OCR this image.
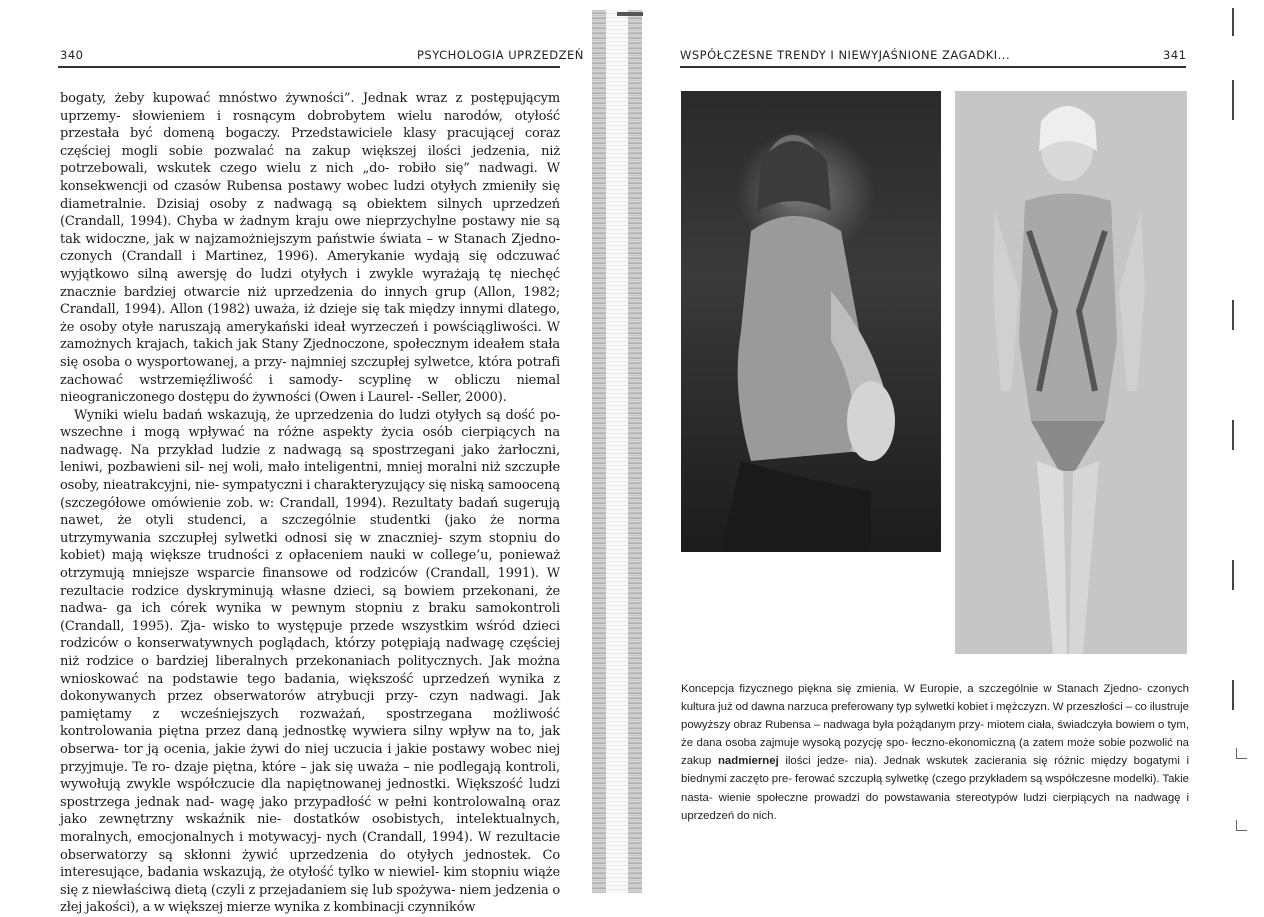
340	PSYCHOLOGIA UPRZEDZEŃ

bogaty, żeby kupować mnóstwo żywności”. Jednak wraz z postępującym uprzemy- słowieniem i rosnącym dobrobytem wielu narodów, otyłość przestała być domeną bogaczy. Przedstawiciele klasy pracującej coraz częściej mogli sobie pozwalać na zakup większej ilości jedzenia, niż potrzebowali, wskutek czego wielu z nich „do- robiło się” nadwagi. W konsekwencji od czasów Rubensa postawy wobec ludzi otyłych zmieniły się diametralnie. Dzisiaj osoby z nadwagą są obiektem silnych uprzedzeń (Crandall, 1994). Chyba w żadnym kraju owe nieprzychylne postawy nie są tak widoczne, jak w najzamożniejszym państwie świata – w Stanach Zjedno- czonych (Crandall i Martinez, 1996). Amerykanie wydają się odczuwać wyjątkowo silną awersję do ludzi otyłych i zwykle wyrażają tę niechęć znacznie bardziej otwarcie niż uprzedzenia do innych grup (Allon, 1982; Crandall, 1994). Allon (1982) uważa, iż dzieje się tak między innymi dlatego, że osoby otyłe naruszają amerykański ideał wyrzeczeń i powściągliwości. W zamożnych krajach, takich jak Stany Zjednoczone, społecznym ideałem stała się osoba o wysportowanej, a przy- najmniej szczupłej sylwetce, która potrafi zachować wstrzemięźliwość i samody- scyplinę w obliczu niemal nieograniczonego dostępu do żywności (Owen i Laurel- -Seller, 2000).

Wyniki wielu badań wskazują, że uprzedzenia do ludzi otyłych są dość po- wszechne i mogą wpływać na różne aspekty życia osób cierpiących na nadwagę. Na przykład ludzie z nadwagą są spostrzegani jako żarłoczni, leniwi, pozbawieni sil- nej woli, mało inteligentni, mniej moralni niż szczupłe osoby, nieatrakcyjni, nie- sympatyczni i charakteryzujący się niską samooceną (szczegółowe omówienie zob. w: Crandall, 1994). Rezultaty badań sugerują nawet, że otyli studenci, a szczególnie studentki (jako że norma utrzymywania szczupłej sylwetki odnosi się w znaczniej- szym stopniu do kobiet) mają większe trudności z opłaceniem nauki w college’u, ponieważ otrzymują mniejsze wsparcie finansowe od rodziców (Crandall, 1991). W rezultacie rodzice dyskryminują własne dzieci, są bowiem przekonani, że nadwa- ga ich córek wynika w pewnym stopniu z braku samokontroli (Crandall, 1995). Zja- wisko to występuje przede wszystkim wśród dzieci rodziców o konserwatywnych poglądach, którzy potępiają nadwagę częściej niż rodzice o bardziej liberalnych przekonaniach politycznych. Jak można wnioskować na podstawie tego badania, większość uprzedzeń wynika z dokonywanych przez obserwatorów atrybucji przy- czyn nadwagi. Jak pamiętamy z wcześniejszych rozważań, spostrzegana możliwość kontrolowania piętna przez daną jednostkę wywiera silny wpływ na to, jak obserwa- tor ją ocenia, jakie żywi do niej uczucia i jakie postawy wobec niej przyjmuje. Te ro- dzaje piętna, które – jak się uważa – nie podlegają kontroli, wywołują zwykle współczucie dla napiętnowanej jednostki. Większość ludzi spostrzega jednak nad- wagę jako przypadłość w pełni kontrolowalną oraz jako zewnętrzny wskaźnik nie- dostatków osobistych, intelektualnych, moralnych, emocjonalnych i motywacyj- nych (Crandall, 1994). W rezultacie obserwatorzy są skłonni żywić uprzedzenia do otyłych jednostek. Co interesujące, badania wskazują, że otyłość tylko w niewiel- kim stopniu wiąże się z niewłaściwą dietą (czyli z przejadaniem się lub spożywa- niem jedzenia o złej jakości), a w większej mierze wynika z kombinacji czynników

WSPÓŁCZESNE TRENDY I NIEWYJAŚNIONE ZAGADKI...	341
Koncepcja fizycznego piękna się zmienia. W Europie, a szczególnie w Stanach Zjedno- czonych kultura już od dawna narzuca preferowany typ sylwetki kobiet i mężczyzn. W przeszłości – co ilustruje powyższy obraz Rubensa – nadwaga była pożądanym przy- miotem ciała, świadczyła bowiem o tym, że dana osoba zajmuje wysoką pozycję spo- łeczno-ekonomiczną (a zatem może sobie pozwolić na zakup nadmiernej ilości jedze- nia). Jednak wskutek zacierania się różnic między bogatymi i biednymi zaczęto pre- ferować szczupłą sylwetkę (czego przykładem są współczesne modelki). Takie nasta- wienie społeczne prowadzi do powstawania stereotypów ludzi cierpiących na nadwagę i uprzedzeń do nich.
